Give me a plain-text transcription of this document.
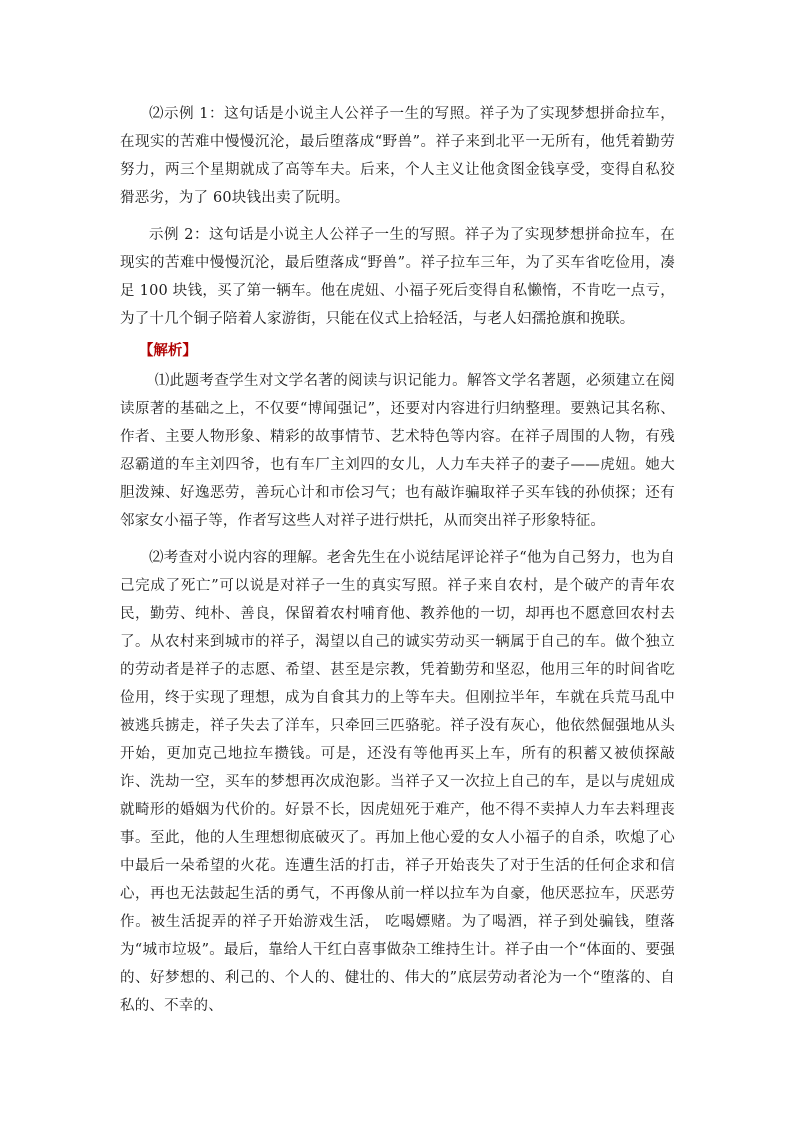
⑵示例 1：这句话是小说主人公祥子一生的写照。祥子为了实现梦想拼命拉车，在现实的苦难中慢慢沉沦，最后堕落成“野兽”。祥子来到北平一无所有，他凭着勤劳努力，两三个星期就成了高等车夫。后来，个人主义让他贪图金钱享受，变得自私狡猾恶劣，为了 60块钱出卖了阮明。

示例 2：这句话是小说主人公祥子一生的写照。祥子为了实现梦想拼命拉车，在现实的苦难中慢慢沉沦，最后堕落成“野兽”。祥子拉车三年，为了买车省吃俭用，凑足 100 块钱，买了第一辆车。他在虎妞、小福子死后变得自私懒惰，不肯吃一点亏，为了十几个铜子陪着人家游街，只能在仪式上拾轻活，与老人妇孺抢旗和挽联。

【解析】

⑴此题考查学生对文学名著的阅读与识记能力。解答文学名著题，必须建立在阅读原著的基础之上，不仅要“博闻强记”，还要对内容进行归纳整理。要熟记其名称、作者、主要人物形象、精彩的故事情节、艺术特色等内容。在祥子周围的人物，有残忍霸道的车主刘四爷，也有车厂主刘四的女儿，人力车夫祥子的妻子——虎妞。她大胆泼辣、好逸恶劳，善玩心计和市侩习气；也有敲诈骗取祥子买车钱的孙侦探；还有邻家女小福子等，作者写这些人对祥子进行烘托，从而突出祥子形象特征。

⑵考查对小说内容的理解。老舍先生在小说结尾评论祥子“他为自己努力，也为自己完成了死亡”可以说是对祥子一生的真实写照。祥子来自农村，是个破产的青年农民，勤劳、纯朴、善良，保留着农村哺育他、教养他的一切，却再也不愿意回农村去了。从农村来到城市的祥子，渴望以自己的诚实劳动买一辆属于自己的车。做个独立的劳动者是祥子的志愿、希望、甚至是宗教，凭着勤劳和坚忍，他用三年的时间省吃俭用，终于实现了理想，成为自食其力的上等车夫。但刚拉半年，车就在兵荒马乱中被逃兵掳走，祥子失去了洋车，只牵回三匹骆驼。祥子没有灰心，他依然倔强地从头开始，更加克己地拉车攒钱。可是，还没有等他再买上车，所有的积蓄又被侦探敲诈、洗劫一空，买车的梦想再次成泡影。当祥子又一次拉上自己的车，是以与虎妞成就畸形的婚姻为代价的。好景不长，因虎妞死于难产，他不得不卖掉人力车去料理丧事。至此，他的人生理想彻底破灭了。再加上他心爱的女人小福子的自杀，吹熄了心中最后一朵希望的火花。连遭生活的打击，祥子开始丧失了对于生活的任何企求和信心，再也无法鼓起生活的勇气，不再像从前一样以拉车为自豪，他厌恶拉车，厌恶劳作。被生活捉弄的祥子开始游戏生活， 吃喝嫖赌。为了喝酒，祥子到处骗钱，堕落为“城市垃圾”。最后，靠给人干红白喜事做杂工维持生计。祥子由一个“体面的、要强的、好梦想的、利己的、个人的、健壮的、伟大的”底层劳动者沦为一个“堕落的、自私的、不幸的、
